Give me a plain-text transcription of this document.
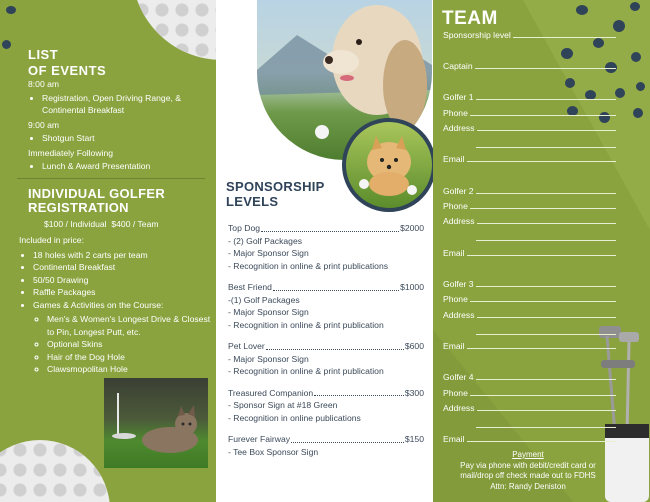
LIST
OF EVENTS
8:00 am
• Registration, Open Driving Range, & Continental Breakfast
9:00 am
• Shotgun Start
Immediately Following
• Lunch & Award Presentation
INDIVIDUAL GOLFER
REGISTRATION
$100 / Individual  $400 / Team
Included in price:
• 18 holes with 2 carts per team
• Continental Breakfast
• 50/50 Drawing
• Raffle Packages
• Games & Activities on the Course:
◦ Men's & Women's Longest Drive & Closest to Pin, Longest Putt, etc.
◦ Optional Skins
◦ Hair of the Dog Hole
◦ Clawsmopolitan Hole
SPONSORSHIP
LEVELS
Top Dog	$2000
- (2) Golf Packages
- Major Sponsor Sign
- Recognition in online & print publications
Best Friend	$1000
-(1) Golf Packages
- Major Sponsor Sign
- Recognition in online & print publication
Pet Lover	$600
- Major Sponsor Sign
- Recognition in online & print publication
Treasured Companion	$300
- Sponsor Sign at #18 Green
- Recognition in online publications
Furever Fairway	$150
- Tee Box Sponsor Sign
TEAM
Sponsorship level
Captain
Golfer 1
Phone
Address
Email
Golfer 2
Phone
Address
Email
Golfer 3
Phone
Address
Email
Golfer 4
Phone
Address
Email
Payment
Pay via phone with debit/credit card or mail/drop off check made out to FDHS
Attn: Randy Deniston
